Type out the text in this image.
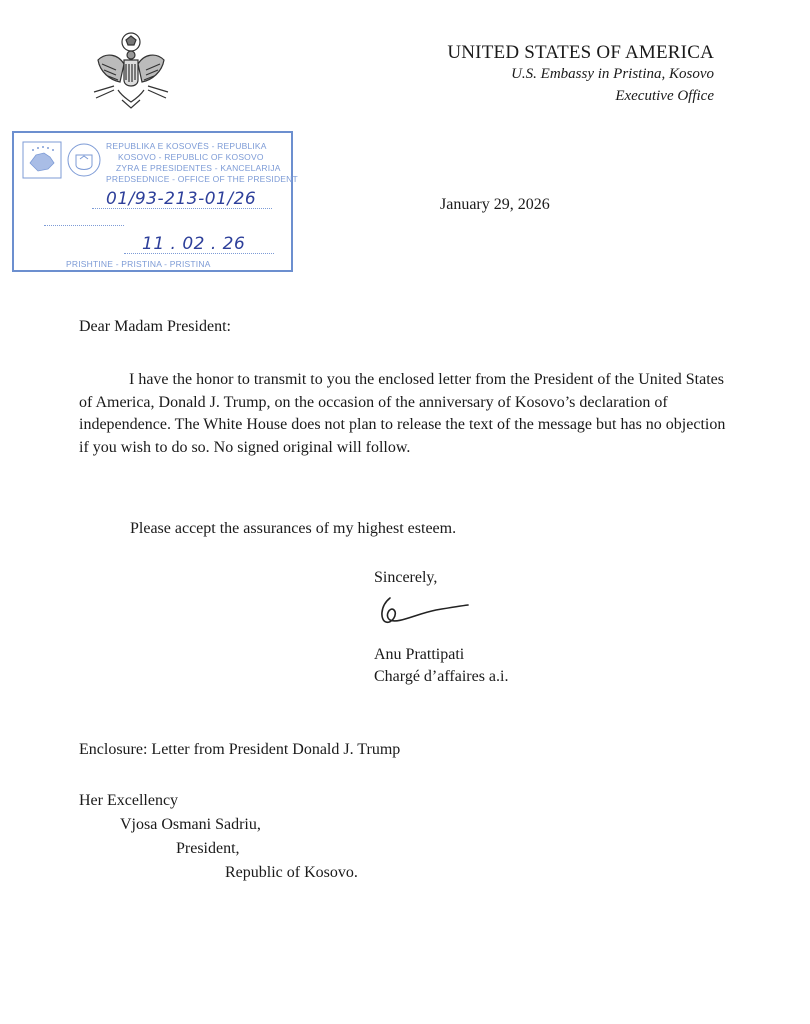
UNITED STATES OF AMERICA
U.S. Embassy in Pristina, Kosovo
Executive Office
REPUBLIKA E KOSOVËS - REPUBLIKA
KOSOVO - REPUBLIC OF KOSOVO
ZYRA E PRESIDENTES - KANCELARIJA
PREDSEDNICE - OFFICE OF THE PRESIDENT
01/93-213-01/26
11 . 02 . 26
PRISHTINE - PRISTINA - PRISTINA
January 29, 2026
Dear Madam President:
I have the honor to transmit to you the enclosed letter from the President of the United States of America, Donald J. Trump, on the occasion of the anniversary of Kosovo’s declaration of independence. The White House does not plan to release the text of the message but has no objection if you wish to do so. No signed original will follow.
Please accept the assurances of my highest esteem.
Sincerely,
Anu Prattipati
Chargé d’affaires a.i.
Enclosure: Letter from President Donald J. Trump
Her Excellency
Vjosa Osmani Sadriu,
President,
Republic of Kosovo.
